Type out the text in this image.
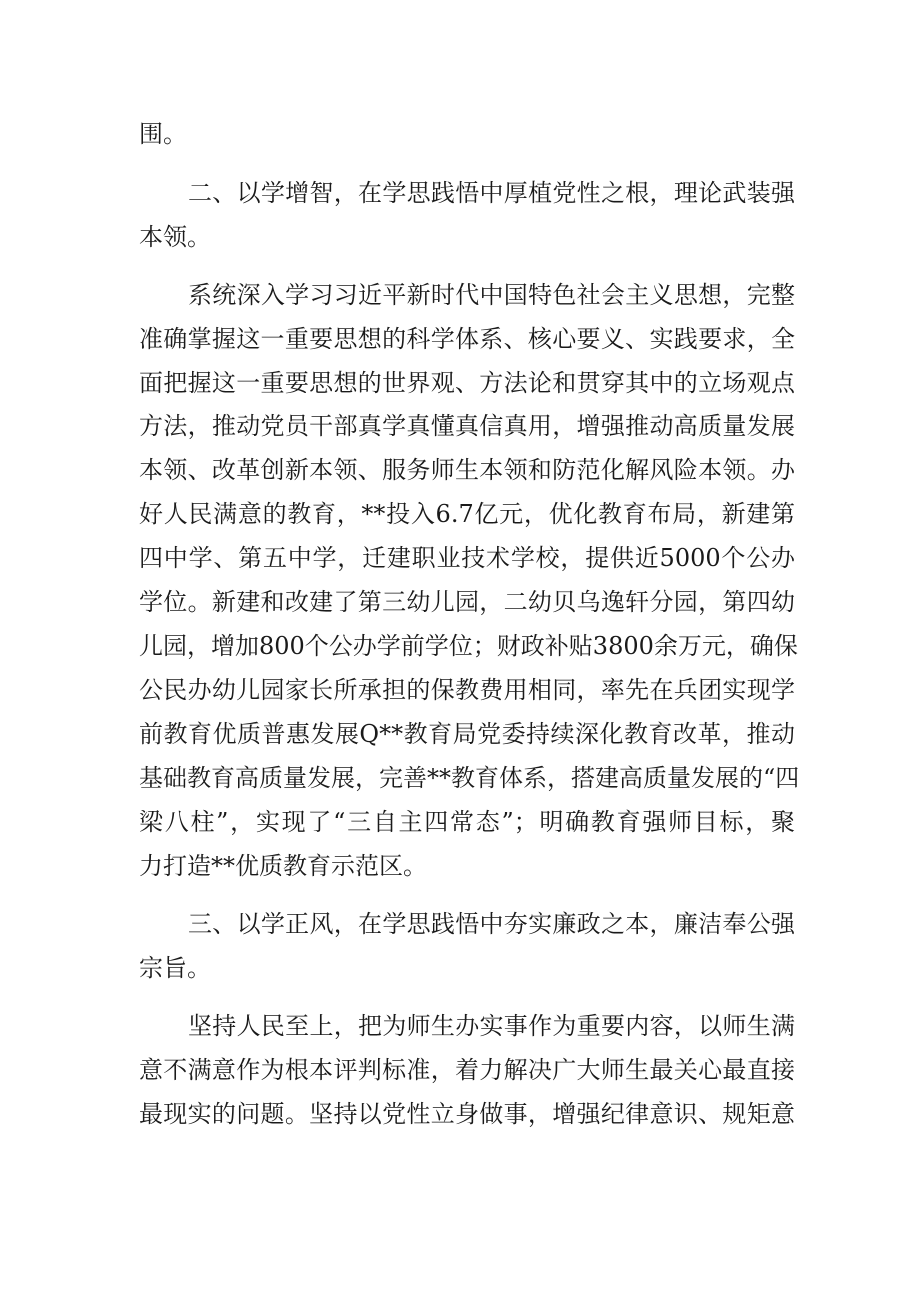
围。
二、以学增智，在学思践悟中厚植党性之根，理论武装强
本领。
系统深入学习习近平新时代中国特色社会主义思想，完整
准确掌握这一重要思想的科学体系、核心要义、实践要求，全
面把握这一重要思想的世界观、方法论和贯穿其中的立场观点
方法，推动党员干部真学真懂真信真用，增强推动高质量发展
本领、改革创新本领、服务师生本领和防范化解风险本领。办
好人民满意的教育，**投入6.7亿元，优化教育布局，新建第
四中学、第五中学，迁建职业技术学校，提供近5000个公办
学位。新建和改建了第三幼儿园，二幼贝乌逸轩分园，第四幼
儿园，增加800个公办学前学位；财政补贴3800余万元，确保
公民办幼儿园家长所承担的保教费用相同，率先在兵团实现学
前教育优质普惠发展Q**教育局党委持续深化教育改革，推动
基础教育高质量发展，完善**教育体系，搭建高质量发展的“四
梁八柱”，实现了“三自主四常态”；明确教育强师目标，聚
力打造**优质教育示范区。
三、以学正风，在学思践悟中夯实廉政之本，廉洁奉公强
宗旨。
坚持人民至上，把为师生办实事作为重要内容，以师生满
意不满意作为根本评判标准，着力解决广大师生最关心最直接
最现实的问题。坚持以党性立身做事，增强纪律意识、规矩意
